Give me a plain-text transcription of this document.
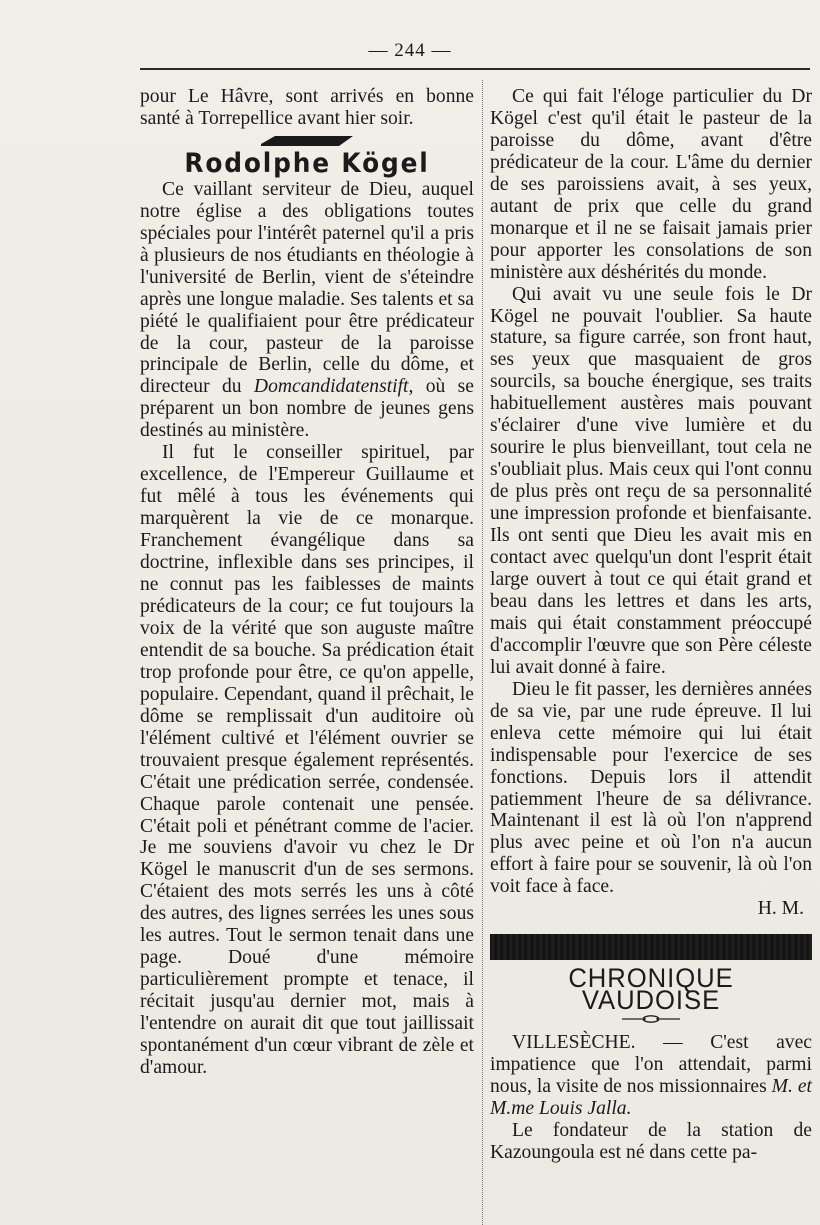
— 244 —

pour Le Hâvre, sont arrivés en bonne santé à Torrepellice avant hier soir.

Rodolphe Kögel

Ce vaillant serviteur de Dieu, auquel notre église a des obligations toutes spéciales pour l'intérêt paternel qu'il a pris à plusieurs de nos étudiants en théologie à l'université de Berlin, vient de s'éteindre après une longue maladie. Ses talents et sa piété le qualifiaient pour être prédicateur de la cour, pasteur de la paroisse principale de Berlin, celle du dôme, et directeur du Domcandidatenstift, où se préparent un bon nombre de jeunes gens destinés au ministère.

Il fut le conseiller spirituel, par excellence, de l'Empereur Guillaume et fut mêlé à tous les événements qui marquèrent la vie de ce monarque. Franchement évangélique dans sa doctrine, inflexible dans ses principes, il ne connut pas les faiblesses de maints prédicateurs de la cour; ce fut toujours la voix de la vérité que son auguste maître entendit de sa bouche. Sa prédication était trop profonde pour être, ce qu'on appelle, populaire. Cependant, quand il prêchait, le dôme se remplissait d'un auditoire où l'élément cultivé et l'élément ouvrier se trouvaient presque également représentés. C'était une prédication serrée, condensée. Chaque parole contenait une pensée. C'était poli et pénétrant comme de l'acier. Je me souviens d'avoir vu chez le Dr Kögel le manuscrit d'un de ses sermons. C'étaient des mots serrés les uns à côté des autres, des lignes serrées les unes sous les autres. Tout le sermon tenait dans une page. Doué d'une mémoire particulièrement prompte et tenace, il récitait jusqu'au dernier mot, mais à l'entendre on aurait dit que tout jaillissait spontanément d'un cœur vibrant de zèle et d'amour.

Ce qui fait l'éloge particulier du Dr Kögel c'est qu'il était le pasteur de la paroisse du dôme, avant d'être prédicateur de la cour. L'âme du dernier de ses paroissiens avait, à ses yeux, autant de prix que celle du grand monarque et il ne se faisait jamais prier pour apporter les consolations de son ministère aux déshérités du monde.

Qui avait vu une seule fois le Dr Kögel ne pouvait l'oublier. Sa haute stature, sa figure carrée, son front haut, ses yeux que masquaient de gros sourcils, sa bouche énergique, ses traits habituellement austères mais pouvant s'éclairer d'une vive lumière et du sourire le plus bienveillant, tout cela ne s'oubliait plus. Mais ceux qui l'ont connu de plus près ont reçu de sa personnalité une impression profonde et bienfaisante. Ils ont senti que Dieu les avait mis en contact avec quelqu'un dont l'esprit était large ouvert à tout ce qui était grand et beau dans les lettres et dans les arts, mais qui était constamment préoccupé d'accomplir l'œuvre que son Père céleste lui avait donné à faire.

Dieu le fit passer, les dernières années de sa vie, par une rude épreuve. Il lui enleva cette mémoire qui lui était indispensable pour l'exercice de ses fonctions. Depuis lors il attendit patiemment l'heure de sa délivrance. Maintenant il est là où l'on n'apprend plus avec peine et où l'on n'a aucun effort à faire pour se souvenir, là où l'on voit face à face.

H. M.

CHRONIQUE VAUDOISE

VILLESÈCHE. — C'est avec impatience que l'on attendait, parmi nous, la visite de nos missionnaires M. et M.me Louis Jalla.

Le fondateur de la station de Kazoungoula est né dans cette pa-
